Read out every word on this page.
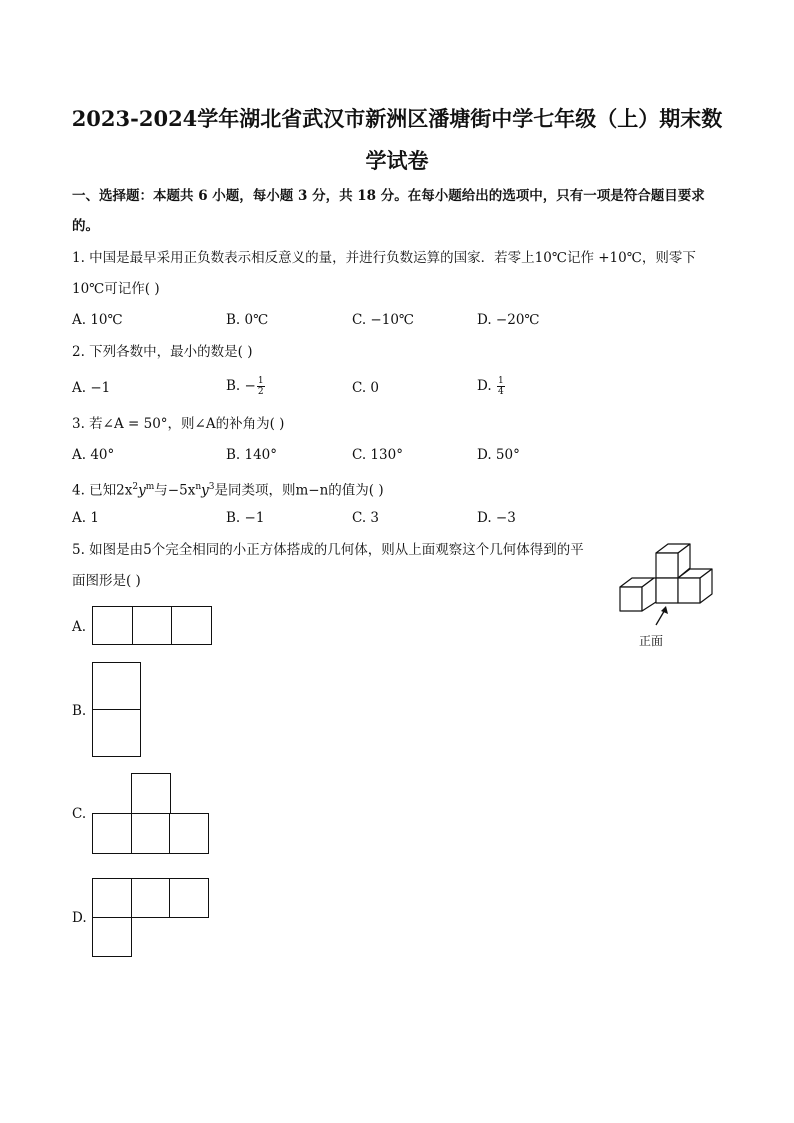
2023-2024学年湖北省武汉市新洲区潘塘街中学七年级（上）期末数
学试卷
一、选择题：本题共 6 小题，每小题 3 分，共 18 分。在每小题给出的选项中，只有一项是符合题目要求
的。
1. 中国是最早采用正负数表示相反意义的量，并进行负数运算的国家．若零上10℃记作 +10℃，则零下
10℃可记作( )
A. 10℃	B. 0℃	C. −10℃	D. −20℃
2. 下列各数中，最小的数是( )
A. −1	B. − $\frac{1}{2}$	C. 0	D. $\frac{1}{4}$
3. 若∠A = 50°，则∠A的补角为( )
A. 40°	B. 140°	C. 130°	D. 50°
4. 已知$2x^2y^m$与$-5x^ny^3$是同类项，则m−n的值为( )
A. 1	B. −1	C. 3	D. −3
5. 如图是由5个完全相同的小正方体搭成的几何体，则从上面观察这个几何体得到的平
面图形是( )
正面
A.
B.
C.
D.
